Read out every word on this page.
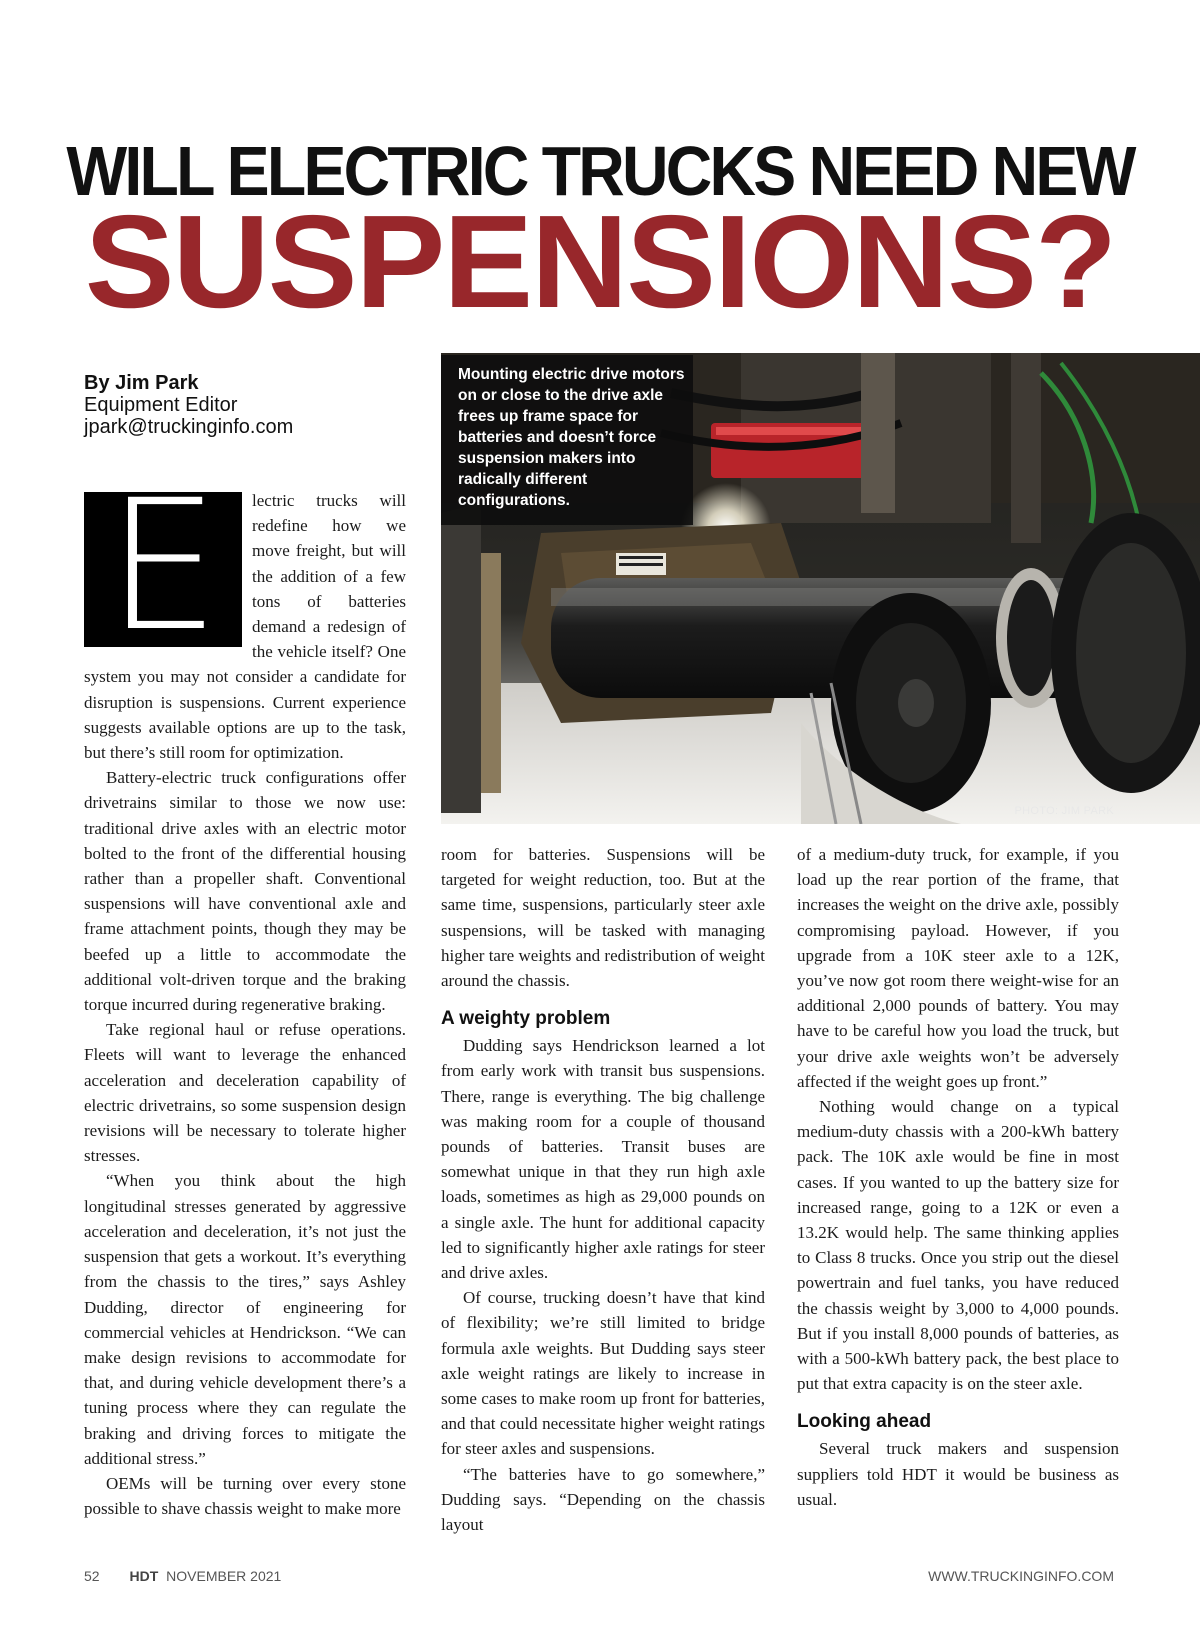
WILL ELECTRIC TRUCKS NEED NEW
SUSPENSIONS?
By Jim Park
Equipment Editor
jpark@truckinginfo.com
Mounting electric drive motors on or close to the drive axle frees up frame space for batteries and doesn’t force suspension makers into radically different configurations.
PHOTO: JIM PARK
E	lectric trucks will redefine how we move freight, but will the addition of a few tons of batteries demand a redesign of the vehicle itself? One system you may not consider a candidate for disruption is suspensions. Current experience suggests available options are up to the task, but there’s still room for optimization.

Battery-electric truck configurations offer drivetrains similar to those we now use: traditional drive axles with an electric motor bolted to the front of the differential housing rather than a propeller shaft. Conventional suspensions will have conventional axle and frame attachment points, though they may be beefed up a little to accommodate the additional volt-driven torque and the braking torque incurred during regenerative braking.

Take regional haul or refuse operations. Fleets will want to leverage the enhanced acceleration and deceleration capability of electric drivetrains, so some suspension design revisions will be necessary to tolerate higher stresses.

“When you think about the high longitudinal stresses generated by aggressive acceleration and deceleration, it’s not just the suspension that gets a workout. It’s everything from the chassis to the tires,” says Ashley Dudding, director of engineering for commercial vehicles at Hendrickson. “We can make design revisions to accommodate for that, and during vehicle development there’s a tuning process where they can regulate the braking and driving forces to mitigate the additional stress.”

OEMs will be turning over every stone possible to shave chassis weight to make more

room for batteries. Suspensions will be targeted for weight reduction, too. But at the same time, suspensions, particularly steer axle suspensions, will be tasked with managing higher tare weights and redistribution of weight around the chassis.

A weighty problem

Dudding says Hendrickson learned a lot from early work with transit bus suspensions. There, range is everything. The big challenge was making room for a couple of thousand pounds of batteries. Transit buses are somewhat unique in that they run high axle loads, sometimes as high as 29,000 pounds on a single axle. The hunt for additional capacity led to significantly higher axle ratings for steer and drive axles.

Of course, trucking doesn’t have that kind of flexibility; we’re still limited to bridge formula axle weights. But Dudding says steer axle weight ratings are likely to increase in some cases to make room up front for batteries, and that could necessitate higher weight ratings for steer axles and suspensions.

“The batteries have to go somewhere,” Dudding says. “Depending on the chassis layout

of a medium-duty truck, for example, if you load up the rear portion of the frame, that increases the weight on the drive axle, possibly compromising payload. However, if you upgrade from a 10K steer axle to a 12K, you’ve now got room there weight-wise for an additional 2,000 pounds of battery. You may have to be careful how you load the truck, but your drive axle weights won’t be adversely affected if the weight goes up front.”

Nothing would change on a typical medium-duty chassis with a 200-kWh battery pack. The 10K axle would be fine in most cases. If you wanted to up the battery size for increased range, going to a 12K or even a 13.2K would help. The same thinking applies to Class 8 trucks. Once you strip out the diesel powertrain and fuel tanks, you have reduced the chassis weight by 3,000 to 4,000 pounds. But if you install 8,000 pounds of batteries, as with a 500-kWh battery pack, the best place to put that extra capacity is on the steer axle.

Looking ahead

Several truck makers and suspension suppliers told HDT it would be business as usual.

52 HDT NOVEMBER 2021	WWW.TRUCKINGINFO.COM
